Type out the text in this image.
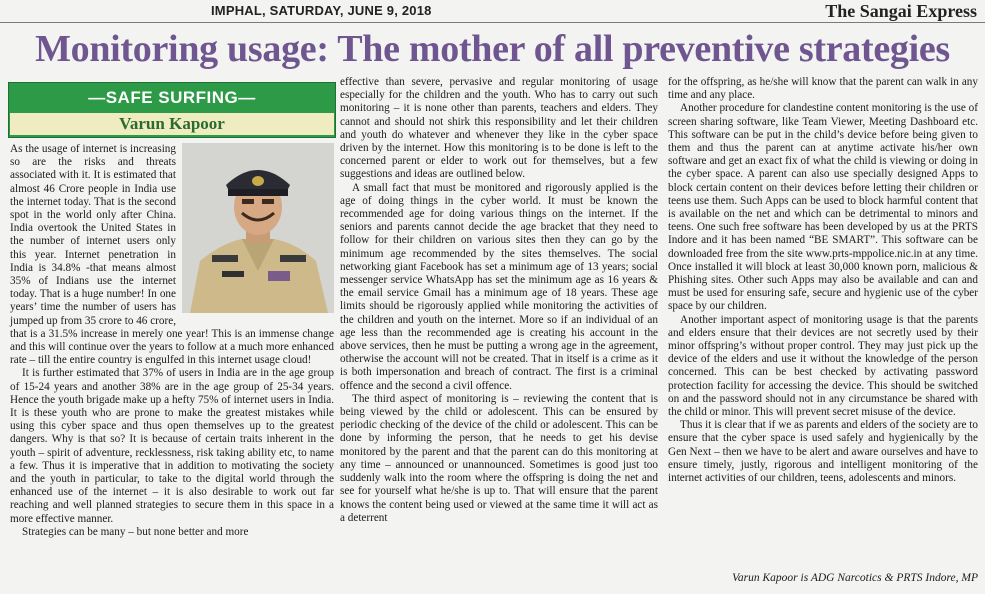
IMPHAL, SATURDAY, JUNE 9, 2018	The Sangai Express
Monitoring usage: The mother of all preventive strategies
—SAFE SURFING—
Varun Kapoor

As the usage of internet is increasing so are the risks and threats associated with it. It is estimated that almost 46 Crore people in India use the internet today. That is the second spot in the world only after China. India overtook the United States in the number of internet users only this year. Internet penetration in India is 34.8% -that means almost 35% of Indians use the internet today. That is a huge number! In one years’ time the number of users has jumped up from 35 crore to 46 crore, that is a 31.5% increase in merely one year! This is an immense change and this will continue over the years to follow at a much more enhanced rate – till the entire country is engulfed in this internet usage cloud!

It is further estimated that 37% of users in India are in the age group of 15-24 years and another 38% are in the age group of 25-34 years. Hence the youth brigade make up a hefty 75% of internet users in India. It is these youth who are prone to make the greatest mistakes while using this cyber space and thus open themselves up to the greatest dangers. Why is that so? It is because of certain traits inherent in the youth – spirit of adventure, recklessness, risk taking ability etc, to name a few. Thus it is imperative that in addition to motivating the society and the youth in particular, to take to the digital world through the enhanced use of the internet – it is also desirable to work out far reaching and well planned strategies to secure them in this space in a more effective manner.

Strategies can be many – but none better and more

effective than severe, pervasive and regular monitoring of usage especially for the children and the youth. Who has to carry out such monitoring – it is none other than parents, teachers and elders. They cannot and should not shirk this responsibility and let their children and youth do whatever and whenever they like in the cyber space driven by the internet. How this monitoring is to be done is left to the concerned parent or elder to work out for themselves, but a few suggestions and ideas are outlined below.

A small fact that must be monitored and rigorously applied is the age of doing things in the cyber world. It must be known the recommended age for doing various things on the internet. If the seniors and parents cannot decide the age bracket that they need to follow for their children on various sites then they can go by the minimum age recommended by the sites themselves. The social networking giant Facebook has set a minimum age of 13 years; social messenger service WhatsApp has set the minimum age as 16 years & the email service Gmail has a minimum age of 18 years. These age limits should be rigorously applied while monitoring the activities of the children and youth on the internet. More so if an individual of an age less than the recommended age is creating his account in the above services, then he must be putting a wrong age in the agreement, otherwise the account will not be created. That in itself is a crime as it is both impersonation and breach of contract. The first is a criminal offence and the second a civil offence.

The third aspect of monitoring is – reviewing the content that is being viewed by the child or adolescent. This can be ensured by periodic checking of the device of the child or adolescent. This can be done by informing the person, that he needs to get his devise monitored by the parent and that the parent can do this monitoring at any time – announced or unannounced. Sometimes is good just too suddenly walk into the room where the offspring is doing the net and see for yourself what he/she is up to. That will ensure that the parent knows the content being used or viewed at the same time it will act as a deterrent

for the offspring, as he/she will know that the parent can walk in any time and any place.

Another procedure for clandestine content monitoring is the use of screen sharing software, like Team Viewer, Meeting Dashboard etc. This software can be put in the child’s device before being given to them and thus the parent can at anytime activate his/her own software and get an exact fix of what the child is viewing or doing in the cyber space. A parent can also use specially designed Apps to block certain content on their devices before letting their children or teens use them. Such Apps can be used to block harmful content that is available on the net and which can be detrimental to minors and teens. One such free software has been developed by us at the PRTS Indore and it has been named “BE SMART”. This software can be downloaded free from the site www.prts-mppolice.nic.in at any time. Once installed it will block at least 30,000 known porn, malicious & Phishing sites. Other such Apps may also be available and can and must be used for ensuring safe, secure and hygienic use of the cyber space by our children.

Another important aspect of monitoring usage is that the parents and elders ensure that their devices are not secretly used by their minor offspring’s without proper control. They may just pick up the device of the elders and use it without the knowledge of the person concerned. This can be best checked by activating password protection facility for accessing the device. This should be switched on and the password should not in any circumstance be shared with the child or minor. This will prevent secret misuse of the device.

Thus it is clear that if we as parents and elders of the society are to ensure that the cyber space is used safely and hygienically by the Gen Next – then we have to be alert and aware ourselves and have to ensure timely, justly, rigorous and intelligent monitoring of the internet activities of our children, teens, adolescents and minors.

Varun Kapoor is ADG Narcotics & PRTS Indore, MP
